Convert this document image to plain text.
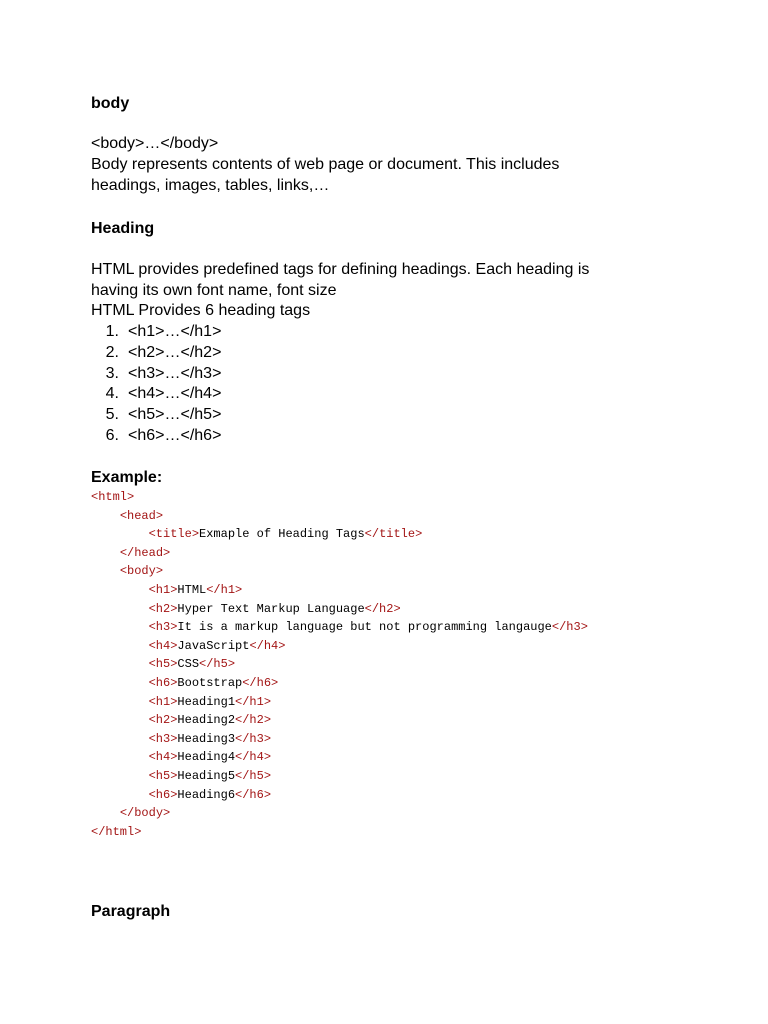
body

<body>…</body>

Body represents contents of web page or document. This includes

headings, images, tables, links,…

Heading

HTML provides predefined tags for defining headings. Each heading is

having its own font name, font size

HTML Provides 6 heading tags

1. <h1>…</h1>
2. <h2>…</h2>
3. <h3>…</h3>
4. <h4>…</h4>
5. <h5>…</h5>
6. <h6>…</h6>
Example:
<html>
<head>
<title>Exmaple of Heading Tags</title>
</head>
<body>
<h1>HTML</h1>
<h2>Hyper Text Markup Language</h2>
<h3>It is a markup language but not programming langauge</h3>
<h4>JavaScript</h4>
<h5>CSS</h5>
<h6>Bootstrap</h6>
<h1>Heading1</h1>
<h2>Heading2</h2>
<h3>Heading3</h3>
<h4>Heading4</h4>
<h5>Heading5</h5>
<h6>Heading6</h6>
</body>
</html>
Paragraph
